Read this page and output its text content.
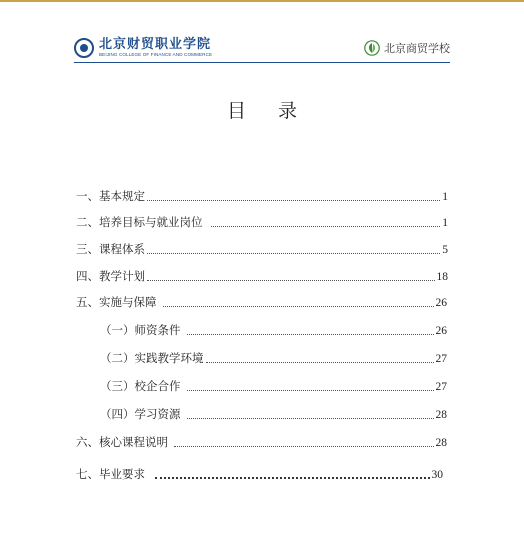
北京财贸职业学院
BEIJING COLLEGE OF FINANCE AND COMMERCE	北京商贸学校
目 录
一、基本规定	1
二、培养目标与就业岗位	1
三、课程体系	5
四、教学计划	18
五、实施与保障	26
（一）师资条件	26
（二）实践教学环境	27
（三）校企合作	27
（四）学习资源	28
六、核心课程说明	28
七、毕业要求	30
